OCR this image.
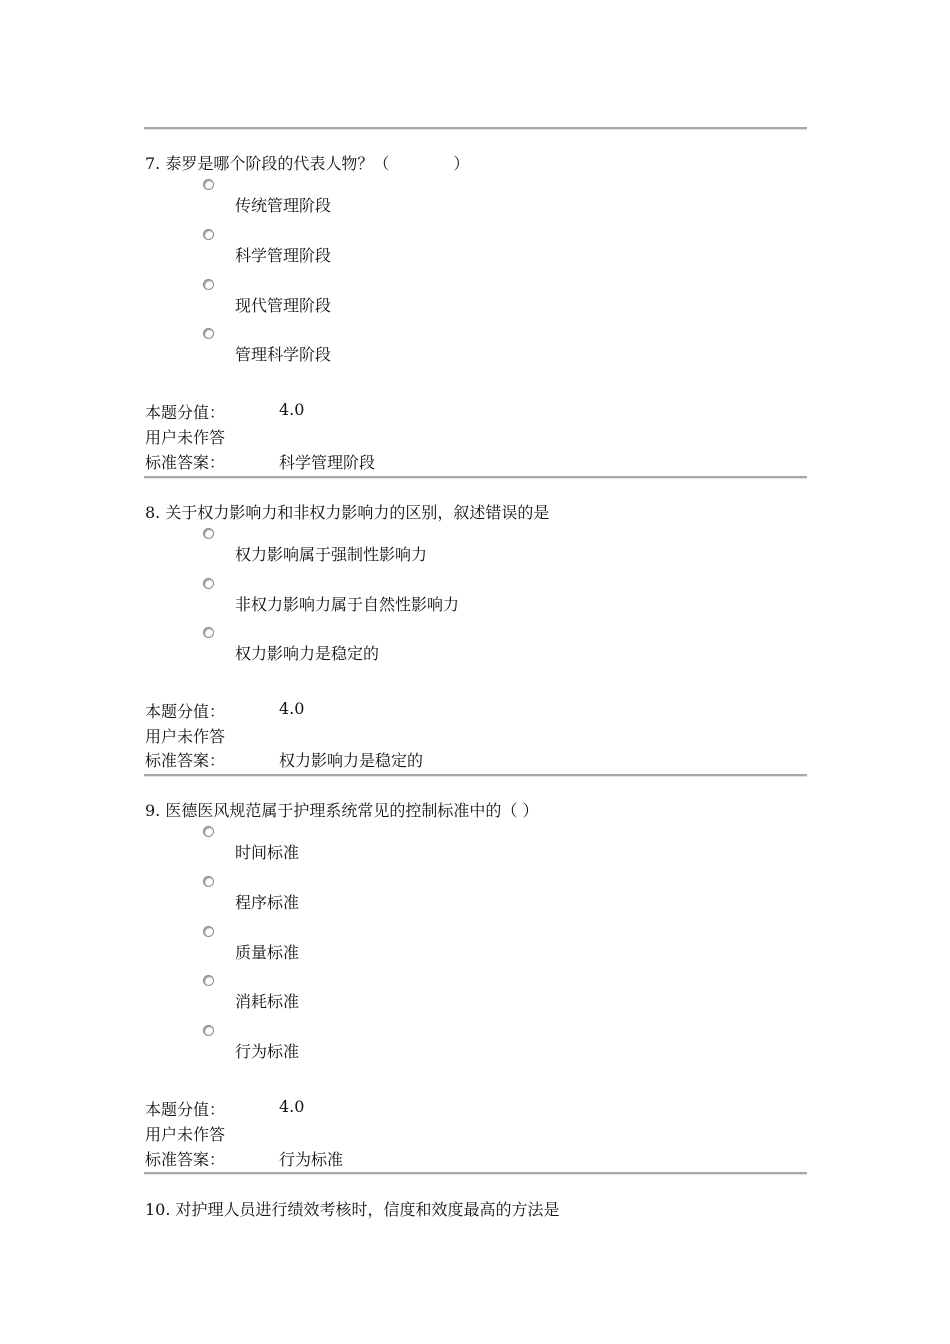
7. 泰罗是哪个阶段的代表人物？（　　　　）
传统管理阶段
科学管理阶段
现代管理阶段
管理科学阶段
本题分值：	4.0
用户未作答
标准答案：	科学管理阶段
8. 关于权力影响力和非权力影响力的区别，叙述错误的是
权力影响属于强制性影响力
非权力影响力属于自然性影响力
权力影响力是稳定的
本题分值：	4.0
用户未作答
标准答案：	权力影响力是稳定的
9. 医德医风规范属于护理系统常见的控制标准中的（ ）
时间标准
程序标准
质量标准
消耗标准
行为标准
本题分值：	4.0
用户未作答
标准答案：	行为标准
10. 对护理人员进行绩效考核时，信度和效度最高的方法是
